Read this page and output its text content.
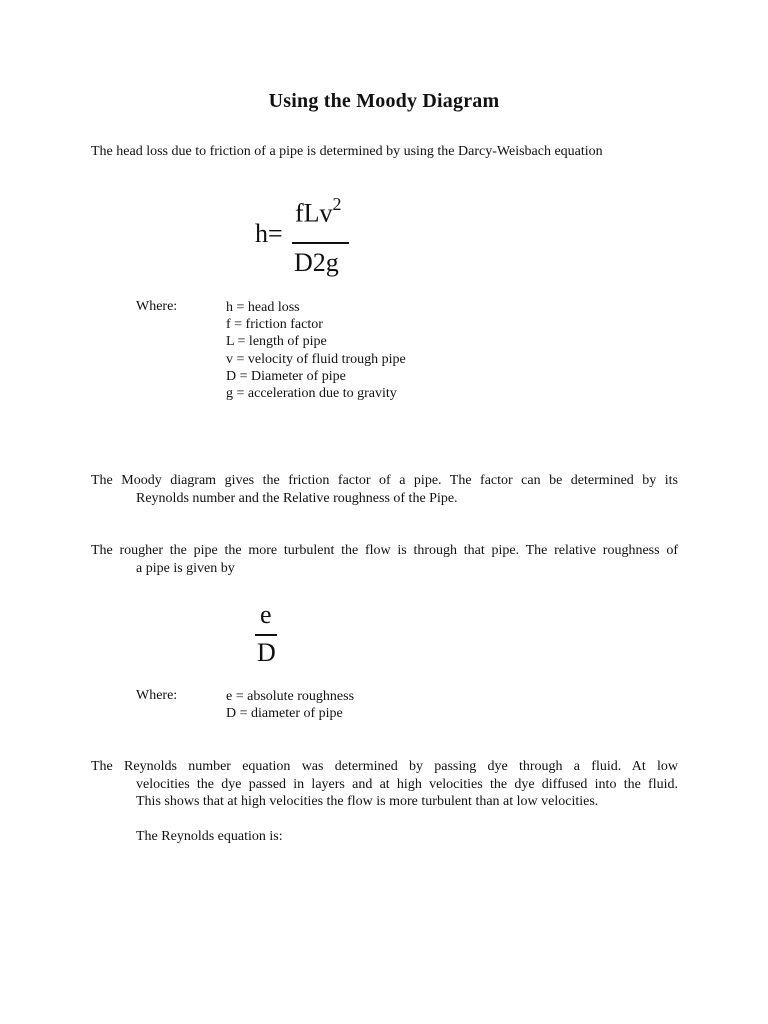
Using the Moody Diagram
The head loss due to friction of a pipe is determined by using the Darcy-Weisbach equation
h=
fLv$^2$
D2g
Where:	h = head loss
f = friction factor
L = length of pipe
v = velocity of fluid trough pipe
D = Diameter of pipe
g = acceleration due to gravity
The Moody diagram gives the friction factor of a pipe. The factor can be determined by its
Reynolds number and the Relative roughness of the Pipe.
The rougher the pipe the more turbulent the flow is through that pipe. The relative roughness of
a pipe is given by
e
D
Where:	e = absolute roughness
D = diameter of pipe
The Reynolds number equation was determined by passing dye through a fluid. At low
velocities the dye passed in layers and at high velocities the dye diffused into the fluid.
This shows that at high velocities the flow is more turbulent than at low velocities.
The Reynolds equation is:
